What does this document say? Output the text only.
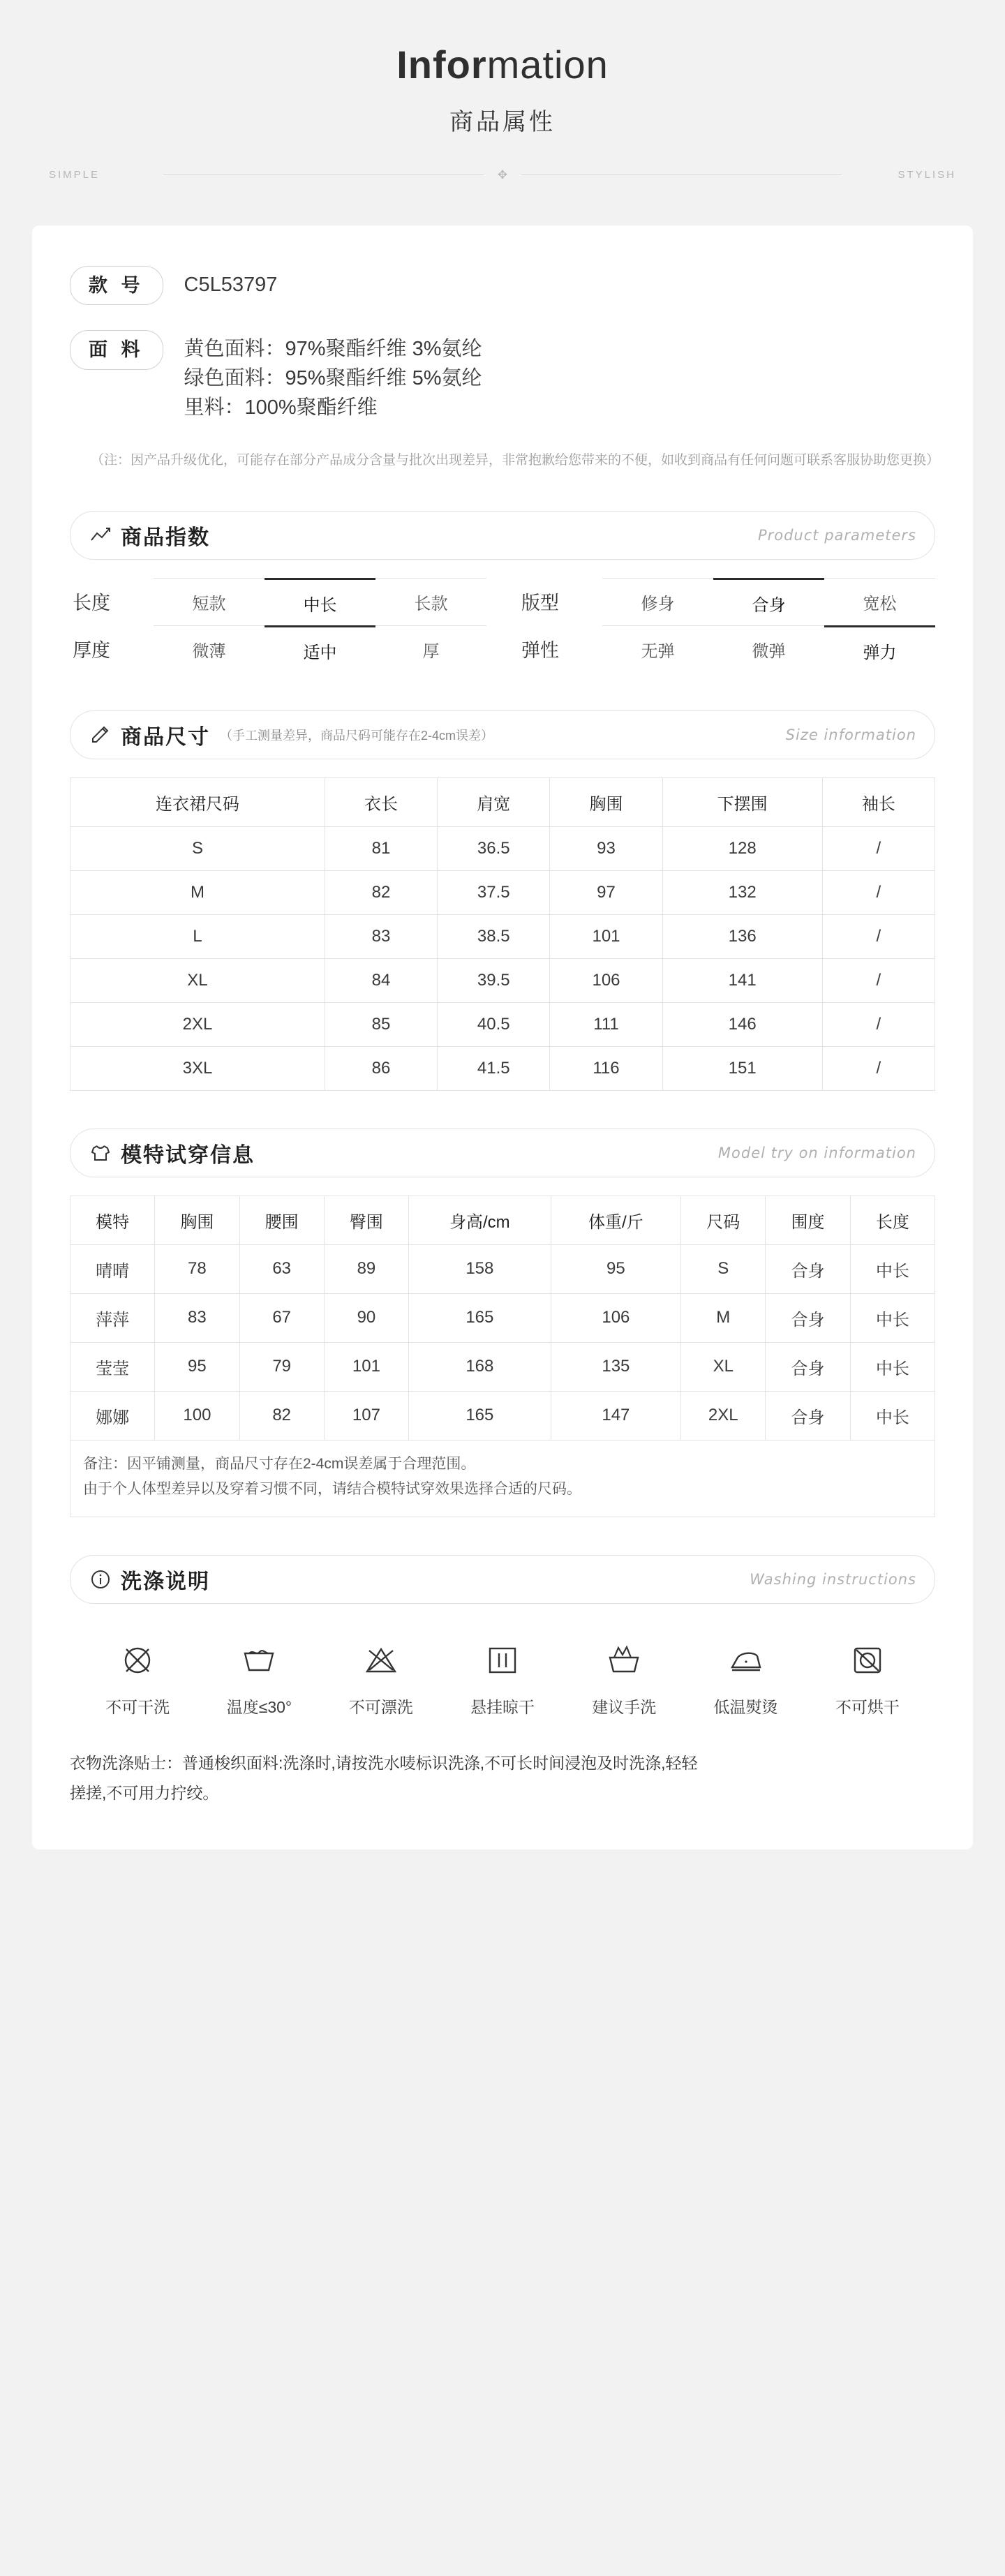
Information
商品属性
SIMPLE	✥	STYLISH
款 号	C5L53797
面 料	黄色面料：97%聚酯纤维 3%氨纶
绿色面料：95%聚酯纤维 5%氨纶
里料：100%聚酯纤维
（注：因产品升级优化，可能存在部分产品成分含量与批次出现差异，非常抱歉给您带来的不便，如收到商品有任何问题可联系客服协助您更换）
商品指数	Product parameters
长度	短款	中长	长款	版型	修身	合身	宽松
厚度	微薄	适中	厚	弹性	无弹	微弹	弹力
商品尺寸 （手工测量差异，商品尺码可能存在2-4cm误差）	Size information
连衣裙尺码	衣长	肩宽	胸围	下摆围	袖长
S	81	36.5	93	128	/
M	82	37.5	97	132	/
L	83	38.5	101	136	/
XL	84	39.5	106	141	/
2XL	85	40.5	111	146	/
3XL	86	41.5	116	151	/
模特试穿信息	Model try on information
模特	胸围	腰围	臀围	身高/cm	体重/斤	尺码	围度	长度
晴晴	78	63	89	158	95	S	合身	中长
萍萍	83	67	90	165	106	M	合身	中长
莹莹	95	79	101	168	135	XL	合身	中长
娜娜	100	82	107	165	147	2XL	合身	中长
备注：因平铺测量，商品尺寸存在2-4cm误差属于合理范围。
由于个人体型差异以及穿着习惯不同，请结合模特试穿效果选择合适的尺码。
洗涤说明	Washing instructions
不可干洗	温度≤30°	不可漂洗	悬挂晾干	建议手洗	低温熨烫	不可烘干
衣物洗涤贴士：普通梭织面料:洗涤时,请按洗水唛标识洗涤,不可长时间浸泡及时洗涤,轻轻
搓搓,不可用力拧绞。
